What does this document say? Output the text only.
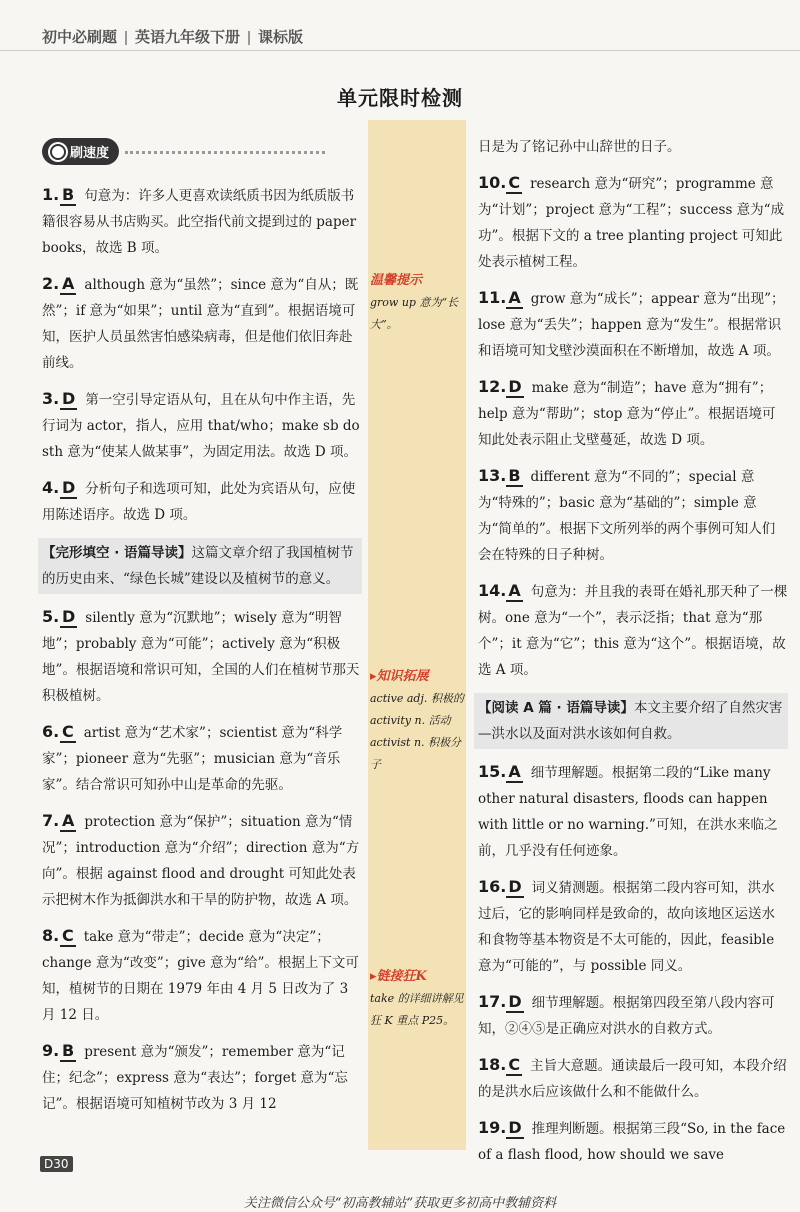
初中必刷题 英语九年级下册 课标版
单元限时检测
刷速度
1. B 句意为：许多人更喜欢读纸质书因为纸质版书籍很容易从书店购买。此空指代前文提到过的 paper books，故选 B 项。
2. A although 意为“虽然”；since 意为“自从；既然”；if 意为“如果”；until 意为“直到”。根据语境可知，医护人员虽然害怕感染病毒，但是他们依旧奔赴前线。
3. D 第一空引导定语从句，且在从句中作主语，先行词为 actor，指人，应用 that/who；make sb do sth 意为“使某人做某事”，为固定用法。故选 D 项。
4. D 分析句子和选项可知，此处为宾语从句，应使用陈述语序。故选 D 项。
【完形填空 · 语篇导读】这篇文章介绍了我国植树节的历史由来、“绿色长城”建设以及植树节的意义。
5. D silently 意为“沉默地”；wisely 意为“明智地”；probably 意为“可能”；actively 意为“积极地”。根据语境和常识可知，全国的人们在植树节那天积极植树。
6. C artist 意为“艺术家”；scientist 意为“科学家”；pioneer 意为“先驱”；musician 意为“音乐家”。结合常识可知孙中山是革命的先驱。
7. A protection 意为“保护”；situation 意为“情况”；introduction 意为“介绍”；direction 意为“方向”。根据 against flood and drought 可知此处表示把树木作为抵御洪水和干旱的防护物，故选 A 项。
8. C take 意为“带走”；decide 意为“决定”；change 意为“改变”；give 意为“给”。根据上下文可知，植树节的日期在 1979 年由 4 月 5 日改为了 3 月 12 日。
9. B present 意为“颁发”；remember 意为“记住；纪念”；express 意为“表达”；forget 意为“忘记”。根据语境可知植树节改为 3 月 12
日是为了铭记孙中山辞世的日子。
10. C research 意为“研究”；programme 意为“计划”；project 意为“工程”；success 意为“成功”。根据下文的 a tree planting project 可知此处表示植树工程。
11. A grow 意为“成长”；appear 意为“出现”；lose 意为“丢失”；happen 意为“发生”。根据常识和语境可知戈壁沙漠面积在不断增加，故选 A 项。
12. D make 意为“制造”；have 意为“拥有”；help 意为“帮助”；stop 意为“停止”。根据语境可知此处表示阻止戈壁蔓延，故选 D 项。
13. B different 意为“不同的”；special 意为“特殊的”；basic 意为“基础的”；simple 意为“简单的”。根据下文所列举的两个事例可知人们会在特殊的日子种树。
14. A 句意为：并且我的表哥在婚礼那天种了一棵树。one 意为“一个”，表示泛指；that 意为“那个”；it 意为“它”；this 意为“这个”。根据语境，故选 A 项。
【阅读 A 篇 · 语篇导读】本文主要介绍了自然灾害—洪水以及面对洪水该如何自救。
15. A 细节理解题。根据第二段的“Like many other natural disasters, floods can happen with little or no warning.”可知，在洪水来临之前，几乎没有任何迹象。
16. D 词义猜测题。根据第二段内容可知，洪水过后，它的影响同样是致命的，故向该地区运送水和食物等基本物资是不太可能的，因此，feasible 意为“可能的”，与 possible 同义。
17. D 细节理解题。根据第四段至第八段内容可知，②④⑤是正确应对洪水的自救方式。
18. C 主旨大意题。通读最后一段可知，本段介绍的是洪水后应该做什么和不能做什么。
19. D 推理判断题。根据第三段“So, in the face of a flash flood, how should we save
温馨提示
grow up 意为“长大”。
▸知识拓展
active adj. 积极的 activity n. 活动 activist n. 积极分子
▸链接狂K
take 的详细讲解见狂 K 重点 P25。
D30
关注微信公众号“初高教辅站”获取更多初高中教辅资料
